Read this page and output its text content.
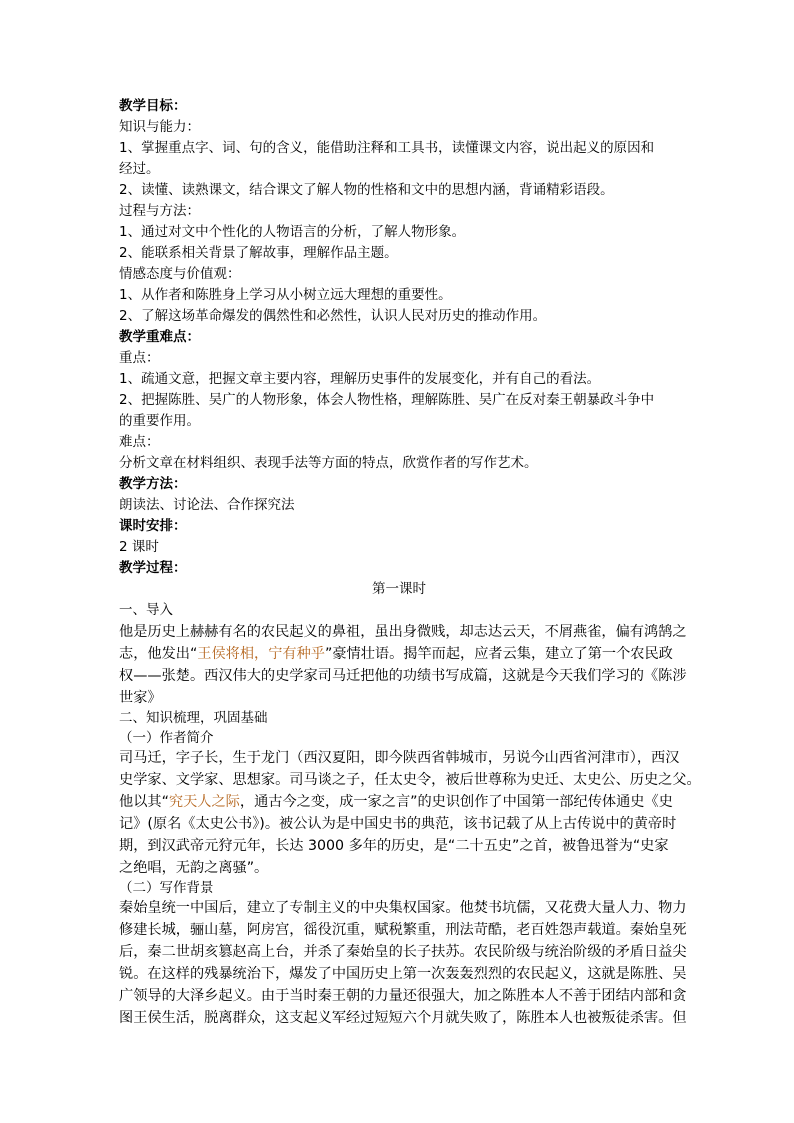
教学目标：
知识与能力：
1、掌握重点字、词、句的含义，能借助注释和工具书，读懂课文内容，说出起义的原因和
经过。
2、读懂、读熟课文，结合课文了解人物的性格和文中的思想内涵，背诵精彩语段。
过程与方法：
1、通过对文中个性化的人物语言的分析，了解人物形象。
2、能联系相关背景了解故事，理解作品主题。
情感态度与价值观：
1、从作者和陈胜身上学习从小树立远大理想的重要性。
2、了解这场革命爆发的偶然性和必然性，认识人民对历史的推动作用。
教学重难点：
重点：
1、疏通文意，把握文章主要内容，理解历史事件的发展变化，并有自己的看法。
2、把握陈胜、吴广的人物形象，体会人物性格，理解陈胜、吴广在反对秦王朝暴政斗争中
的重要作用。
难点：
分析文章在材料组织、表现手法等方面的特点，欣赏作者的写作艺术。
教学方法：
朗读法、讨论法、合作探究法
课时安排：
2 课时
教学过程：
第一课时
一、导入
他是历史上赫赫有名的农民起义的鼻祖，虽出身微贱，却志达云天，不屑燕雀，偏有鸿鹄之
志，他发出“王侯将相，宁有种乎”豪情壮语。揭竿而起，应者云集，建立了第一个农民政
权——张楚。西汉伟大的史学家司马迁把他的功绩书写成篇，这就是今天我们学习的《陈涉
世家》
二、知识梳理，巩固基础
（一）作者简介
司马迁，字子长，生于龙门（西汉夏阳，即今陕西省韩城市，另说今山西省河津市），西汉
史学家、文学家、思想家。司马谈之子，任太史令，被后世尊称为史迁、太史公、历史之父。
他以其“究天人之际，通古今之变，成一家之言”的史识创作了中国第一部纪传体通史《史
记》(原名《太史公书》)。被公认为是中国史书的典范，该书记载了从上古传说中的黄帝时
期，到汉武帝元狩元年，长达 3000 多年的历史，是“二十五史”之首，被鲁迅誉为“史家
之绝唱，无韵之离骚”。
（二）写作背景
秦始皇统一中国后，建立了专制主义的中央集权国家。他焚书坑儒，又花费大量人力、物力
修建长城，骊山墓，阿房宫，徭役沉重，赋税繁重，刑法苛酷，老百姓怨声载道。秦始皇死
后，秦二世胡亥篡赵高上台，并杀了秦始皇的长子扶苏。农民阶级与统治阶级的矛盾日益尖
锐。在这样的残暴统治下，爆发了中国历史上第一次轰轰烈烈的农民起义，这就是陈胜、吴
广领导的大泽乡起义。由于当时秦王朝的力量还很强大，加之陈胜本人不善于团结内部和贪
图王侯生活，脱离群众，这支起义军经过短短六个月就失败了，陈胜本人也被叛徒杀害。但
